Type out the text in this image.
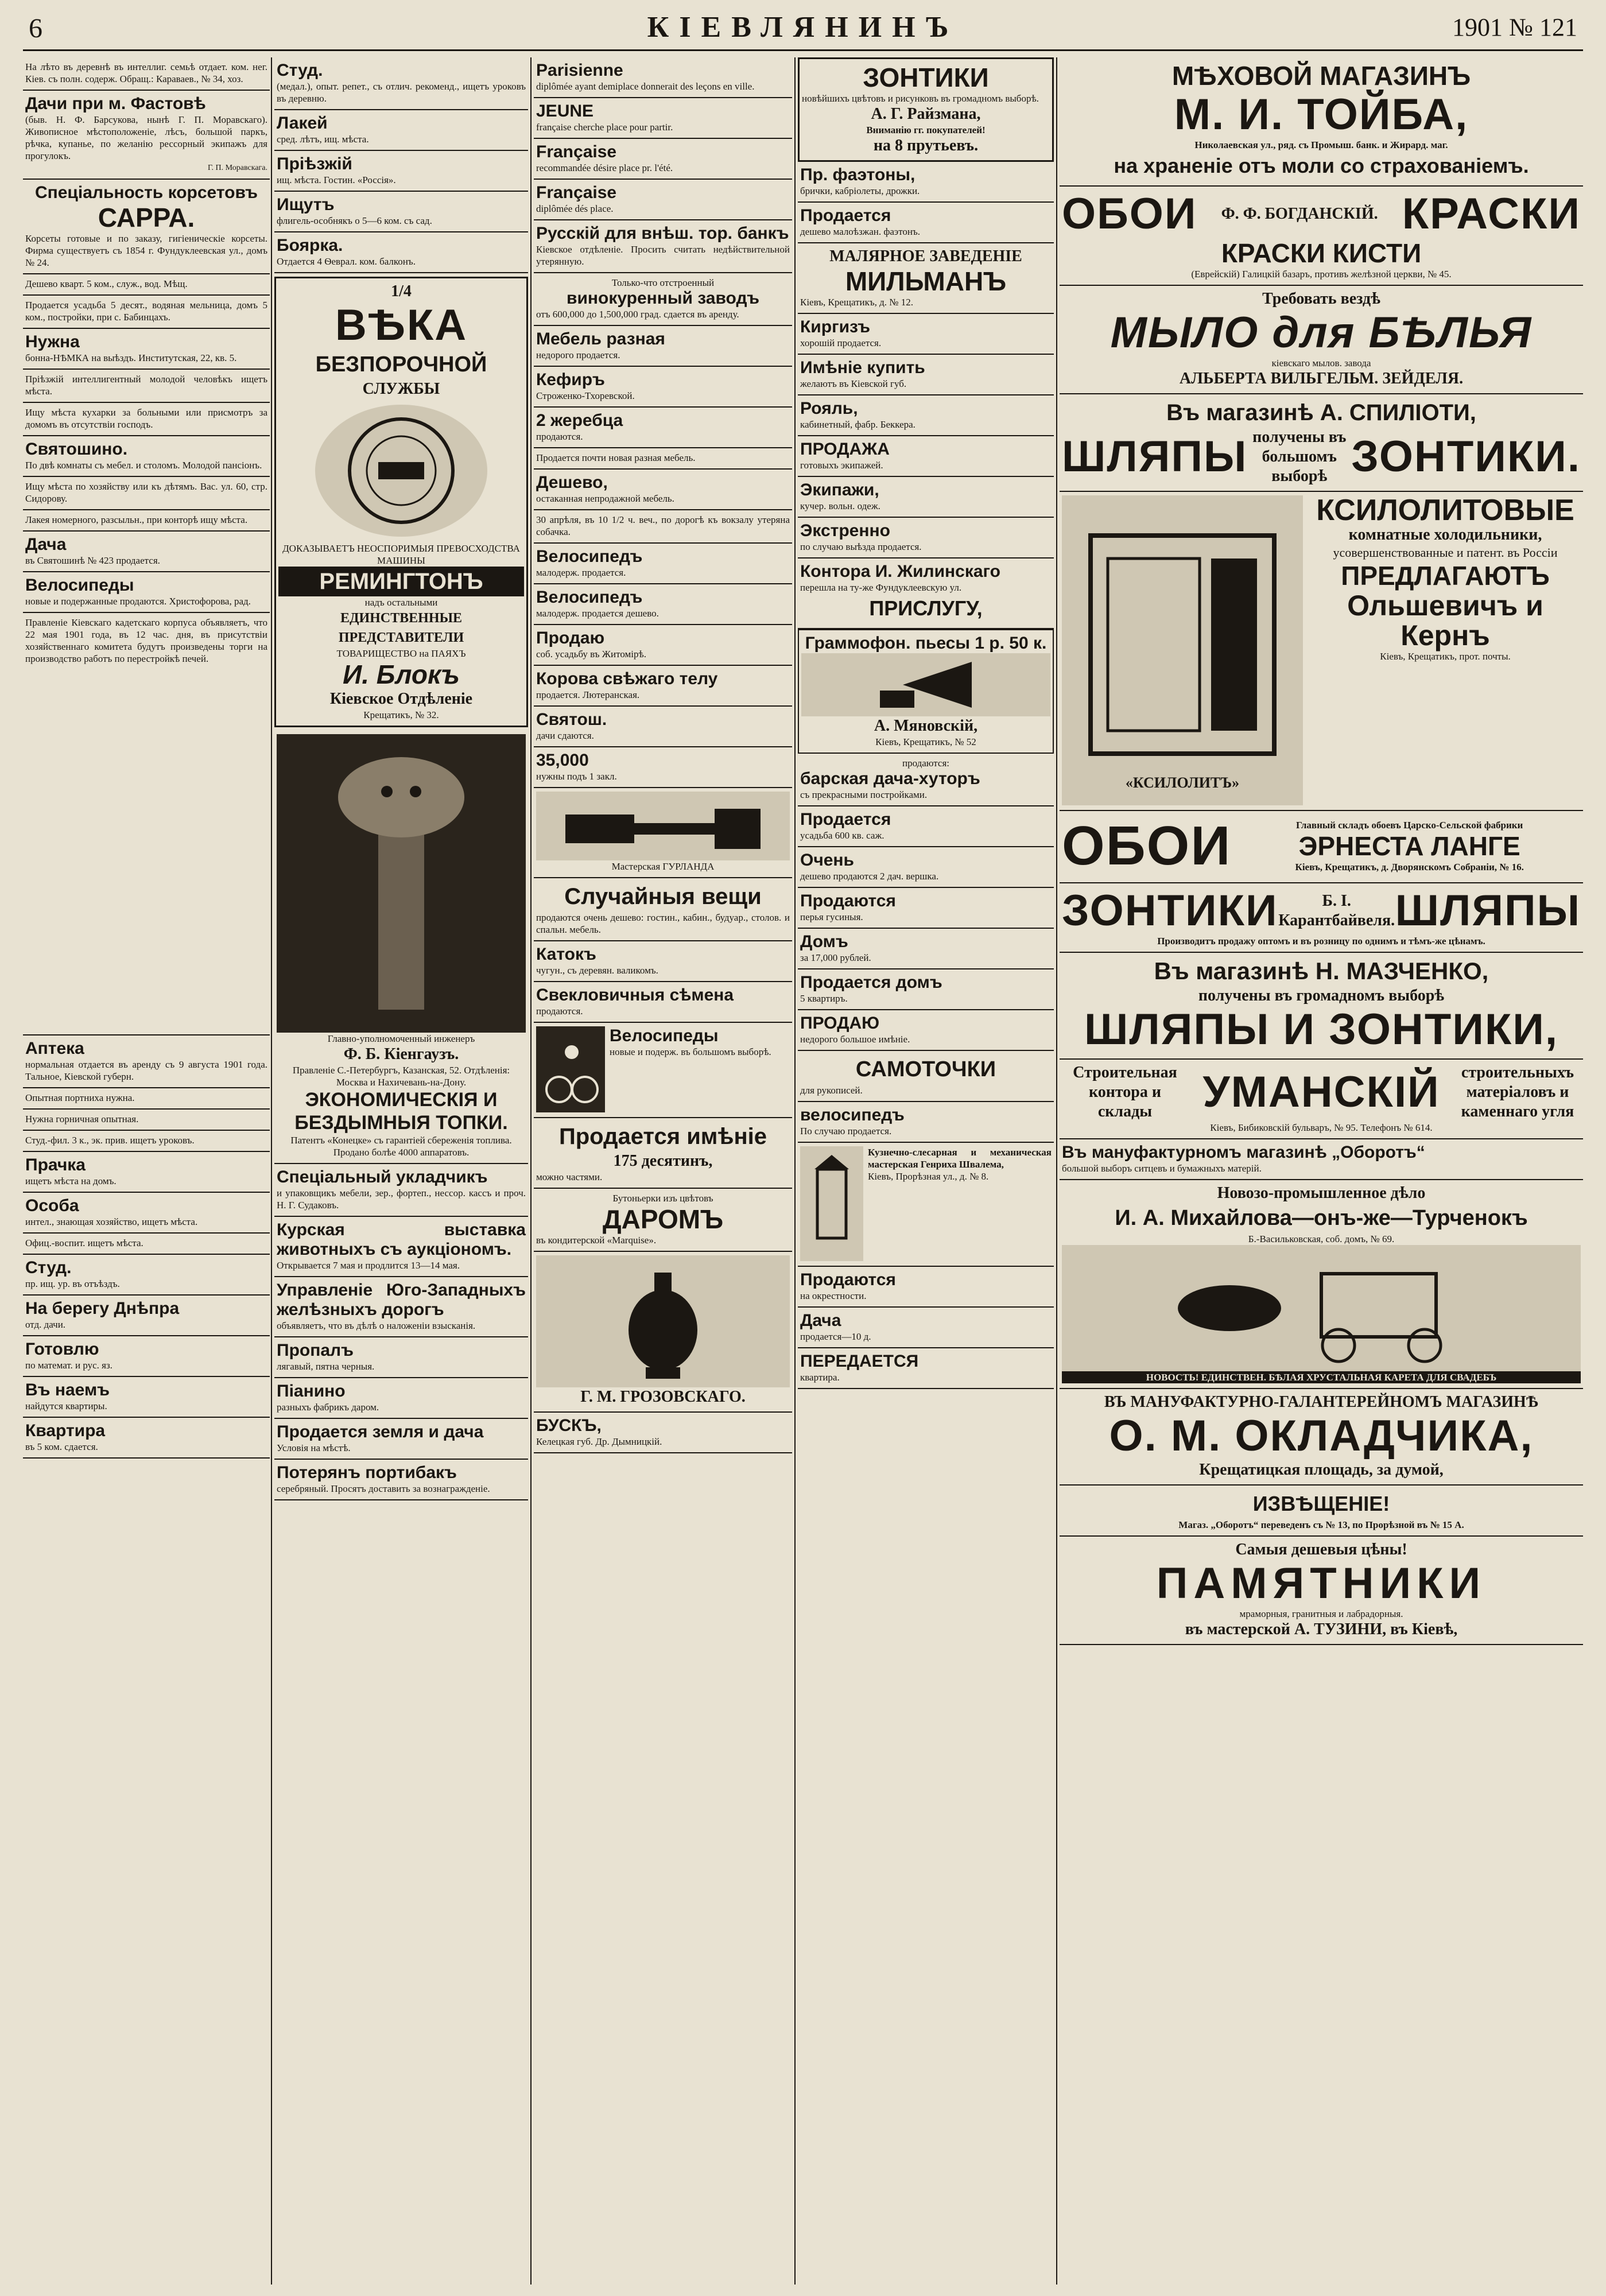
6	КІЕВЛЯНИНЪ	1901 № 121
На лѣто въ деревнѣ въ интеллиг. семьѣ отдает. ком. нег. Кіев. съ полн. содерж. Обращ.: Караваев., № 34, хоз.
Дачи при м. Фастовѣ
(быв. Н. Ф. Барсукова, нынѣ Г. П. Моравскаго). Живописное мѣстоположеніе, лѣсъ, большой паркъ, рѣчка, купанье, по желанію рессорный экипажъ для прогулокъ.
Г. П. Моравскага.
Спеціальность корсетовъ
САРРА.
Корсеты готовые и по заказу, гигіеническіе корсеты. Фирма существуетъ съ 1854 г. Фундуклеевская ул., домъ № 24.
Дешево кварт. 5 ком., служ., вод. Мѣщ.
Продается усадьба 5 десят., водяная мельница, домъ 5 ком., постройки, при с. Бабинцахъ.
Нужна
бонна-НѢМКА на выѣздъ. Институтская, 22, кв. 5.
Пріѣзжій интеллигентный молодой человѣкъ ищетъ мѣста.
Ищу мѣста кухарки за больными или присмотръ за домомъ въ отсутствіи господъ.
Святошино.
По двѣ комнаты съ мебел. и столомъ. Молодой пансіонъ.
Ищу мѣста по хозяйству или къ дѣтямъ. Вас. ул. 60, стр. Сидорову.
Лакея номерного, разсыльн., при конторѣ ищу мѣста.
Дача
въ Святошинѣ № 423 продается.
Велосипеды
новые и подержанные продаются. Христофорова, рад.
Правленіе Кіевскаго кадетскаго корпуса объявляетъ, что 22 мая 1901 года, въ 12 час. дня, въ присутствіи хозяйственнаго комитета будутъ произведены торги на производство работъ по перестройкѣ печей.
Аптека
нормальная отдается въ аренду съ 9 августа 1901 года. Тальное, Кіевской губерн.
Опытная портниха нужна.
Нужна горничная опытная.
Студ.-фил. 3 к., эк. прив. ищетъ уроковъ.
Прачка
ищетъ мѣста на домъ.
Особа
интел., знающая хозяйство, ищетъ мѣста.
Офиц.-воспит. ищетъ мѣста.
Студ.
пр. ищ. ур. въ отъѣздъ.
На берегу Днѣпра
отд. дачи.
Готовлю
по математ. и рус. яз.
Въ наемъ
найдутся квартиры.
Квартира
въ 5 ком. сдается.
Студ.
(медал.), опыт. репет., съ отлич. рекоменд., ищетъ уроковъ въ деревню.
Лакей
сред. лѣтъ, ищ. мѣста.
Пріѣзжій
ищ. мѣста. Гостин. «Россія».
Ищутъ
флигель-особнякъ о 5—6 ком. съ сад.
Боярка.
Отдается 4 Ѳеврал. ком. балконъ.
1/4
ВѢКА
БЕЗПОРОЧНОЙ
СЛУЖБЫ
ДОКАЗЫВАЕТЪ НЕОСПОРИМЫЯ ПРЕВОСХОДСТВА МАШИНЫ
РЕМИНГТОНЪ
надъ остальными
ЕДИНСТВЕННЫЕ ПРЕДСТАВИТЕЛИ
ТОВАРИЩЕСТВО на ПАЯХЪ
И. Блокъ
Кіевское Отдѣленіе
Крещатикъ, № 32.
Главно-уполномоченный инженеръ
Ф. Б. Кіенгаузъ.
Правленіе С.-Петербургъ, Казанская, 52. Отдѣленія: Москва и Нахичевань-на-Дону.
ЭКОНОМИЧЕСКІЯ И БЕЗДЫМНЫЯ ТОПКИ.
Патентъ «Конецке» съ гарантіей сбереженія топлива. Продано болѣе 4000 аппаратовъ.
Спеціальный укладчикъ
и упаковщикъ мебели, зер., фортеп., нессор. кассъ и проч. Н. Г. Судаковъ.
Курская выставка животныхъ съ аукціономъ.
Открывается 7 мая и продлится 13—14 мая.
Управленіе Юго-Западныхъ желѣзныхъ дорогъ
объявляетъ, что въ дѣлѣ о наложеніи взысканія.
Пропалъ
лягавый, пятна черныя.
Піанино
разныхъ фабрикъ даром.
Продается земля и дача
Условія на мѣстѣ.
Потерянъ портибакъ
серебряный. Просятъ доставить за вознагражденіе.
Parisienne
diplômée ayant demiplace donnerait des leçons en ville.
JEUNE
française cherche place pour partir.
Française
recommandée désire place pr. l'été.
Française
diplômée dés place.
Русскій для внѣш. тор. банкъ
Кіевское отдѣленіе. Просить считать недѣйствительной утерянную.
Только-что отстроенный
винокуренный заводъ
отъ 600,000 до 1,500,000 град. сдается въ аренду.
Мебель разная
недорого продается.
Кефиръ
Строженко-Тхоревской.
2 жеребца
продаются.
Продается почти новая разная мебель.
Дешево,
остаканная непродажной мебель.
30 апрѣля, въ 10 1/2 ч. веч., по дорогѣ къ вокзалу утеряна собачка.
Велосипедъ
малодерж. продается.
Велосипедъ
малодерж. продается дешево.
Продаю
соб. усадьбу въ Житомірѣ.
Корова свѣжаго телу
продается. Лютеранская.
Святош.
дачи сдаются.
35,000
нужны подъ 1 закл.
Мастерская ГУРЛАНДА
Случайныя вещи
продаются очень дешево: гостин., кабин., будуар., столов. и спальн. мебель.
Катокъ
чугун., съ деревян. валикомъ.
Свекловичныя сѣмена
продаются.
Велосипеды
новые и подерж. въ большомъ выборѣ.
Продается имѣніе
175 десятинъ,
можно частями.
Бутоньерки изъ цвѣтовъ
ДАРОМЪ
въ кондитерской «Marquise».
Г. М. ГРОЗОВСКАГО.
БУСКЪ,
Келецкая губ. Др. Дымницкій.
ЗОНТИКИ
новѣйшихъ цвѣтовъ и рисунковъ въ громадномъ выборѣ.
А. Г. Райзмана,
Вниманію гг. покупателей!
на 8 прутьевъ.
Пр. фаэтоны,
брички, кабріолеты, дрожки.
Продается
дешево малоѣзжан. фаэтонъ.
МАЛЯРНОЕ ЗАВЕДЕНІЕ
МИЛЬМАНЪ
Кіевъ, Крещатикъ, д. № 12.
Киргизъ
хорошій продается.
Имѣніе купить
желаютъ въ Кіевской губ.
Рояль,
кабинетный, фабр. Беккера.
ПРОДАЖА
готовыхъ экипажей.
Экипажи,
кучер. вольн. одеж.
Экстренно
по случаю выѣзда продается.
Контора И. Жилинскаго
перешла на ту-же Фундуклеевскую ул.
ПРИСЛУГУ,
Граммофон. пьесы 1 р. 50 к.
А. Мяновскій,
Кіевъ, Крещатикъ, № 52
продаются:
барская дача-хуторъ
съ прекрасными постройками.
Продается
усадьба 600 кв. саж.
Очень
дешево продаются 2 дач. вершка.
Продаются
перья гусиныя.
Домъ
за 17,000 рублей.
Продается домъ
5 квартиръ.
ПРОДАЮ
недорого большое имѣніе.
САМОТОЧКИ
для рукописей.
велосипедъ
По случаю продается.
Кузнечно-слесарная и механическая мастерская Генриха Швалема,
Кіевъ, Прорѣзная ул., д. № 8.
Продаются
на окрестности.
Дача
продается—10 д.
ПЕРЕДАЕТСЯ
квартира.
МѢХОВОЙ МАГАЗИНЪ
М. И. ТОЙБА,
Николаевская ул., ряд. съ Промыш. банк. и Жирард. маг.
на храненіе отъ моли со страхованіемъ.
ОБОИ Ф. Ф. БОГДАНСКІЙ. КРАСКИ
КРАСКИ КИСТИ
(Еврейскій) Галицкій базаръ, противъ желѣзной церкви, № 45.
Требовать вездѣ
МЫЛО для БѢЛЬЯ
кіевскаго мылов. завода
АЛЬБЕРТА ВИЛЬГЕЛЬМ. ЗЕЙДЕЛЯ.
Въ магазинѣ А. СПИЛІОТИ,
ШЛЯПЫ получены въ большомъ выборѣ ЗОНТИКИ.
«КСИЛОЛИТЪ»
КСИЛОЛИТОВЫЕ
комнатные холодильники,
усовершенствованные и патент. въ Россіи
ПРЕДЛАГАЮТЪ
Ольшевичъ и Кернъ
Кіевъ, Крещатикъ, прот. почты.
ОБОИ	Главный складъ обоевъ Царско-Сельской фабрики
ЭРНЕСТА ЛАНГЕ
Кіевъ, Крещатикъ, д. Дворянскомъ Собраніи, № 16.
ЗОНТИКИ	Б. І. Карантбайвеля. ШЛЯПЫ
Производитъ продажу оптомъ и въ розницу по однимъ и тѣмъ-же цѣнамъ.
Въ магазинѣ Н. МАЗЧЕНКО,
получены въ громадномъ выборѣ
ШЛЯПЫ И ЗОНТИКИ,
Строительная контора и склады	УМАНСКІЙ	строительныхъ матеріаловъ и каменнаго угля
Кіевъ, Бибиковскій бульваръ, № 95. Телефонъ № 614.
Въ мануфактурномъ магазинѣ „Оборотъ“
большой выборъ ситцевъ и бумажныхъ матерій.
Новозо-промышленное дѣло
И. А. Михайлова—онъ-же—Турченокъ
Б.-Васильковская, соб. домъ, № 69.
НОВОСТЬ! ЕДИНСТВЕН. БѢЛАЯ ХРУСТАЛЬНАЯ КАРЕТА ДЛЯ СВАДЕБЪ
ВЪ МАНУФАКТУРНО-ГАЛАНТЕРЕЙНОМЪ МАГАЗИНѢ
О. М. ОКЛАДЧИКА,
Крещатицкая площадь, за думой,
ИЗВѢЩЕНІЕ!
Магаз. „Оборотъ“ переведенъ съ № 13, по Прорѣзной въ № 15 А.
Самыя дешевыя цѣны!
ПАМЯТНИКИ
мраморныя, гранитныя и лабрадорныя.
въ мастерской А. ТУЗИНИ, въ Кіевѣ,
